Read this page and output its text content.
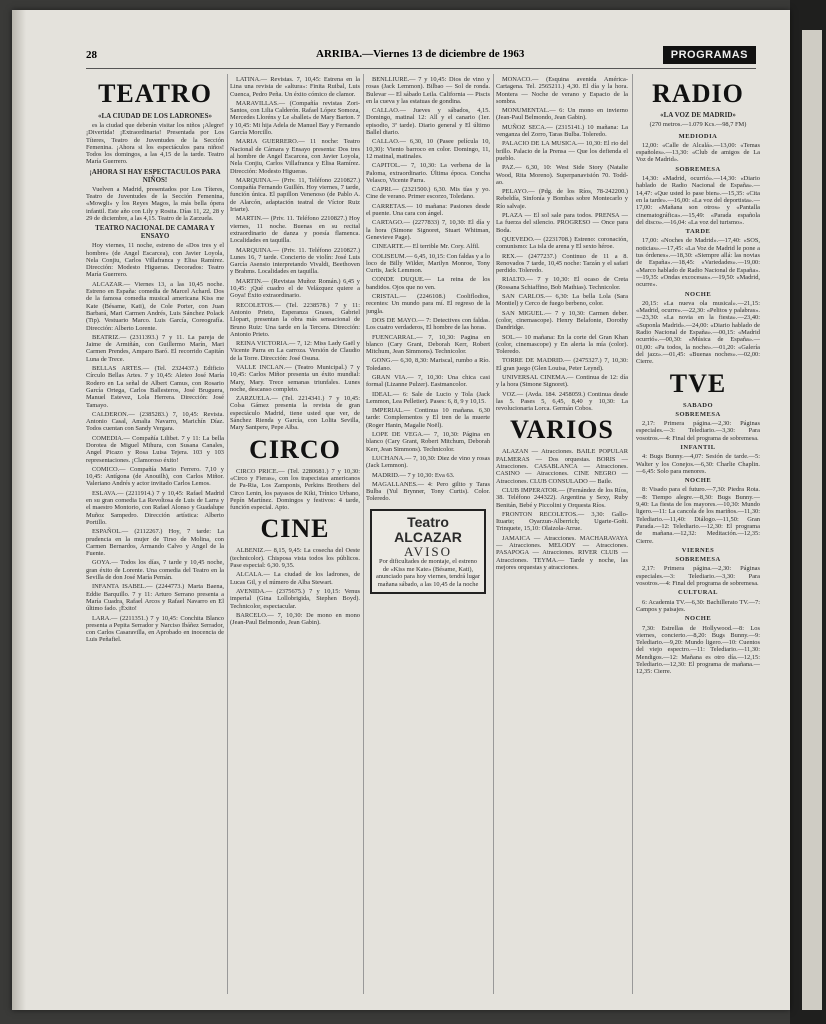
28	ARRIBA.—Viernes 13 de diciembre de 1963	PROGRAMAS
TEATRO

«LA CIUDAD DE LOS LADRONES»

es la ciudad que deberán visitar los niños ¡Alegre! ¡Divertida! ¡Extraordinaria! Presentada por Los Títeres, Teatro de Juventudes de la Sección Femenina. ¡Ahora si los espectáculos para niños! Todos los domingos, a las 4,15 de la tarde. Teatro María Guerrero.

¡AHORA SI HAY ESPECTACULOS PARA NIÑOS!

Vuelven a Madrid, presentados por Los Títeres, Teatro de Juventudes de la Sección Femenina, «Mowgli» y los Reyes Magos, la más bella ópera infantil. Este año con Lily y Rosita. Días 11, 22, 28 y 29 de diciembre, a las 4,15. Teatro de la Zarzuela.

TEATRO NACIONAL DE CAMARA Y ENSAYO

Hoy viernes, 11 noche, estreno de «Dos tres y el hombre» (de Angel Escarcea), con Javier Loyola, Nela Conjiu, Carlos Villafranca y Elisa Ramírez. Dirección: Modesto Higueras. Decorados: Teatro María Guerrero.

ALCAZAR.— Viernes 13, a las 10,45 noche. Estreno en España: comedia de Marcel Achard. Dos de la famosa comedia musical americana Kiss me Kate (Bésame, Kati), de Cole Porter, con Juan Barbará, Mari Carmen Andrés, Luis Sánchez Polack (Tip). Vestuario Marco. Luis García, Coreografía. Dirección: Alberto Lorente.

BEATRIZ.— (2311393.) 7 y 11. La pareja de Jaime de Armiñán, con Guillermo Marín, Mari Carmen Prendes, Amparo Baró. El recorrido Capitán Luna de Trece.

BELLAS ARTES.— (Tel. 2324437.) Edificio Círculo Bellas Artes. 7 y 10,45: Aleteo José María Rodero en La señal de Albert Camus, con Rosario García Ortega, Carlos Ballesteros, José Bruguera, Manuel Estevez, Lola Herrera. Dirección: José Tamayo.

CALDERON.— (2385283.) 7, 10,45: Revista. Antonio Casal, Amalia Navarro, Marichín Díaz. Todos cuentan con Sandy Vergara.

COMEDIA.— Compañía Lilibet. 7 y 11: La bella Dorotea de Miguel Mihura, con Susana Canales, Angel Picazo y Rosa Luisa Tejera. 103 y 103 representaciones. ¡Clamoroso éxito!

COMICO.— Compañía Mario Ferrero. 7,10 y 10,45: Antígona (de Anouilh), con Carlos Miñor. Valeriano Andrés y actor invitado Carlos Lemos.

ESLAVA.— (2211914.) 7 y 10,45: Rafael Madrid en su gran comedia La Revoltosa de Luis de Larra y el maestro Montorio, con Rafael Alonso y Guadalupe Muñoz Sampedro. Dirección artística: Alberto Portillo.

ESPAÑOL.— (2112267.) Hoy, 7 tarde: La prudencia en la mujer de Tirso de Molina, con Carmen Bernardos, Armando Calvo y Angel de la Fuente.

GOYA.— Todos los días, 7 tarde y 10,45 noche, gran éxito de Lorente. Una comedia del Teatro en la Sevilla de don José María Pemán.

INFANTA ISABEL.— (2244773.) Marta Baena, Eddie Barquillo. 7 y 11: Arturo Serrano presenta a María Cuadra, Rafael Arcos y Rafael Navarro en El último fado. ¡Éxito!

LARA.— (2211351.) 7 y 10,45: Conchita Blanco presenta a Pepita Serrador y Narciso Ibáñez Serrador, con Carlos Casaravilla, en Aprobado en inocencia de Luis Peñafiel.

LATINA.— Revistas. 7, 10,45: Estrena en la Lina una revista de «altura»: Finita Ruibal, Luis Cuenca, Pedro Peña. Un éxito cómico de clamor.

MARAVILLAS.— (Compañía revistas Zori-Santos, con Lilia Calderón. Rafael López Somoza, Mercedes Lloréns y Le «ballet» de Mary Barton. 7 y 10,45: Mi hija Adela de Manuel Bay y Fernando García Morcillo.

MARIA GUERRERO.— 11 noche: Teatro Nacional de Cámara y Ensayo presenta: Dos tres al hombre de Angel Escarcea, con Javier Loyola, Nela Conjiu, Carlos Villafranca y Elisa Ramírez. Dirección: Modesto Higueras.

MARQUINA.— (Priv. 11, Teléfono 2210827.) Compañía Fernando Guillén. Hoy viernes, 7 tarde, función única. El papillon Venenoso (de Pablo A. de Alarcón, adaptación teatral de Víctor Ruiz Iriarte).

MARTIN.— (Priv. 11. Teléfono 2210827.) Hoy viernes, 11 noche. Buenas en su recital extraordinario de danza y poesía flamenca. Localidades en taquilla.

MARQUINA.— (Priv. 11. Teléfono 2210827.) Lunes 16, 7 tarde. Concierto de violín: José Luis García Asensio interpretando Vivaldi, Beethoven y Brahms. Localidades en taquilla.

MARTIN.— (Revistas Muñoz Román.) 6,45 y 10,45: ¡Qué cuadro el de Velázquez quiere a Goya! Éxito extraordinario.

RECOLETOS.— (Tel. 2238578.) 7 y 11: Antonio Prieto, Esperanza Grases, Gabriel Llopart, presentan la obra más sensacional de Bruno Ruiz: Una tarde en la Tercera. Dirección: Antonio Prieto.

REINA VICTORIA.— 7, 12: Miss Lady Gaël y Vicente Parra en La carroza. Versión de Claudio de la Torre. Dirección: José Osuna.

VALLE INCLAN.— (Teatro Municipal.) 7 y 10,45: Carlos Miñor presenta un éxito mundial: Mary, Mary. Trece semanas triunfales. Lunes noche, descanso completo.

ZARZUELA.— (Tel. 2214341.) 7 y 10,45: Colsa Gámez presenta la revista de gran espectáculo Madrid, tiene usted que ver, de Sánchez Rienda y García, con Lolita Sevilla, Mary Santpere, Pepe Alba.

CIRCO

CIRCO PRICE.— (Tel. 2280681.) 7 y 10,30: «Circo y Fieras», con los trapecistas americanos de Pa-Ria, Los Zamponis, Perkins Brothers del Circo Lenin, los payasos de Kiki, Trínico Urbano, Pepín Martínez. Domingos y festivos: 4 tarde, función especial. Apto.

CINE

ALBENIZ.— 8,15, 9,45: La cosecha del Oeste (technicolor). Chisposa vista todos los públicos. Pase especial: 6,30. 9,35.

ALCALA.— La ciudad de los ladrones, de Lucas Gil, y el número de Alba Stewart.

AVENIDA.— (2375675.) 7 y 10,15: Venus imperial (Gina Lollobrigida, Stephen Boyd). Technicolor, espectacular.

BARCELO.— 7, 10,30: De mono en mono (Jean-Paul Belmondo, Jean Gabin).

BENLLIURE.— 7 y 10,45: Dios de vino y rosas (Jack Lemmon). Bilbao — Sol de ronda. Bulevar — El sábado Leila. California — Piscis en la cueva y las estatuas de gondina.

CALLAO.— Jueves y sábados, 4,15. Domingo, matinal 12: All y el canario (1er. episodio, 3ª tarde). Diario general y El último Ballel diario.

CALLAO.— 6,30, 10 (Pasee película 10, 10,30): Viento barroco en color. Domingo, 11, 12 matinal, matinales.

CAPITOL.— 7, 10,30: La verbena de la Paloma, extraordinario. Última época. Concha Velasco, Vicente Parra.

CAPRI.— (2321500.) 6,30. Mis tías y yo. Cine de verano. Primer escorzo, Toledano.

CARRETAS.— 10 mañana: Pasiones desde el puente. Una cara con ángel.

CARTAGO.— (2277833) 7, 10,30: El día y la hora (Simone Signoret, Stuart Whitman, Genevieve Page).

CINEARTE.— El terrible Mr. Cory. Alfil.

COLISEUM.— 6,45, 10,15: Con faldas y a lo loco de Billy Wilder, Marilyn Monroe, Tony Curtis, Jack Lemmon.

CONDE DUQUE.— La reina de los bandidos. Ojos que no ven.

CRISTAL.— (2246108.) Cooliflodios, recentes: Un mundo para mí. El regreso de la jungla.

DOS DE MAYO.— 7: Detectives con faldas. Los cuatro verdaderos, El hombre de las horas.

FUENCARRAL.— 7, 10,30: Pagina en blanco (Cary Grant, Deborah Kerr, Robert Mitchum, Jean Simmons). Technicolor.

GONG.— 6,30, 8,30: Mariscal, rumbo a Río. Toledano.

GRAN VIA.— 7, 10,30: Una chica casi formal (Lizanne Pulzer). Eastmancolor.

IDEAL.— 6: Sale de Lucio y Tola (Jack Lemmon, Lea Pelletier). Pases: 6, 8, 9 y 10,15.

IMPERIAL.— Continua 10 mañana. 6,30 tarde: Complementos y El tren de la muerte (Roger Hanin, Magalie Noël).

LOPE DE VEGA.— 7, 10,30: Página en blanco (Cary Grant, Robert Mitchum, Deborah Kerr, Jean Simmons). Technicolor.

LUCHANA.— 7, 10,30: Diez de vino y rosas (Jack Lemmon).

MADRID.— 7 y 10,30: Eva 63.

MAGALLANES.— 4: Pero gilito y Taras Bulba (Yul Brynner, Tony Curtis). Color. Toleredo.

Teatro ALCAZAR
AVISO
Por dificultades de montaje, el estreno de «Kiss me Kate» (Bésame, Kati), anunciado para hoy viernes, tendrá lugar mañana sábado, a las 10,45 de la noche

MONACO.— (Esquina avenida América-Cartagena. Tel. 2565211.) 4,30. El día y la hora. Montera — Noche de verano y Espacio de la sombra.

MONUMENTAL.— 6: Un mono en invierno (Jean-Paul Belmondo, Jean Gabin).

MUÑOZ SECA.— (2315141.) 10 mañana: La venganza del Zorro, Taras Bulba. Toleredo.

PALACIO DE LA MUSICA.— 10,30: El rio del brillo. Palacio de la Prensa — Que los defienda el pueblo.

PAZ.— 6,30, 10: West Side Story (Natalie Wood, Rita Moreno). Superpanavisión 70. Todd-ao.

PELAYO.— (Pdg. de los Ríos, 78-242200.) Rebeldía, Sinfonía y Bombas sobre Montecarlo y Río salvaje.

PLAZA — El sol sale para todos. PRENSA — La fuerza del silencio. PROGRESO — Once para Boda.

QUEVEDO.— (2231708.) Estreno: coronación, comunismo: La isla de arena y El sexto héroe.

REX.— (2477237.) Continuo de 11 a 8. Renovados 7 tarde, 10,45 noche: Tarzán y el safari perdido. Toleredo.

RIALTO.— 7 y 10,30: El ocaso de Creta (Rossana Schiaffino, Bob Mathias). Technicolor.

SAN CARLOS.— 6,30: La bella Lola (Sara Montiel) y Cerco de fuego berbeno, color.

SAN MIGUEL.— 7 y 10,30: Carmen deber. (color, cinemascope). Henry Belafonte, Dorothy Dandridge.

SOL.— 10 mañana: En la corte del Gran Khan (color, cinemascope) y En alerta la mía (color). Toleredo.

TORRE DE MADRID.— (2475327.) 7, 10,30: El gran juego (Glen Louisa, Peter Leynd).

UNIVERSAL CINEMA.— Continua de 12: día y la hora (Simone Signoret).

VOZ.— (Avda. 184. 2458059.) Continua desde las 5. Pases 5, 6,45, 8,40 y 10,30: La revolucionaria Lorca. Germán Cobos.

VARIOS

ALAZAN — Atracciones. BAILE POPULAR PALMERAS — Dos orquestas. BORIS — Atracciones. CASABLANCA — Atracciones. CASINO — Atracciones. CINE NEGRO — Atracciones. CLUB CONSULADO — Baile.

CLUB IMPERATOR.— (Fernández de los Ríos, 38. Teléfono 244322). Argentina y Sexy, Ruby Benitán, Bebé y Piccolini y Orquesta Ríos.

FRONTON RECOLETOS.— 3,30: Gallo-Ituarte; Oyarzun-Alberrich; Ugarte-Goñi. Trinquete, 15,10: Olaizola-Arrue.

JAMAICA — Atracciones. MACHARAVAYA — Atracciones. MELODY — Atracciones. PASAPOGA — Atracciones. RIVER CLUB — Atracciones. TEYMA.— Tarde y noche, las mejores orquestas y atracciones.

RADIO
«LA VOZ DE MADRID»
(270 metros.—1.079 Kcs.—98,7 FM)

MEDIODIA

12,00: «Calle de Alcalá».—13,00: «Temas españoles».—13,30: «Club de amigos de La Voz de Madrid».

SOBREMESA

14,30: «Madrid, ocurrió».—14,30: «Diario hablado de Radio Nacional de España».—14,47: «Que usted lo pase bien».—15,35: «Cita en la tarde».—16,00: «La voz del deportista».—17,00: «Mañana son otros» y «Pantalla cinematográfica».—15,49: «Parada española del disco».—16,04: «La voz del turismo».

TARDE

17,00: «Noches de Madrid».—17,40: «SOS, noticias».—17,45: «La Voz de Madrid le pone a tus órdenes».—18,30: «Siempre allá: las novias de España».—18,45: «Variedades».—19,00: «Marco hablado de Radio Nacional de España».—19,35: «Ondas excocesas».—19,50: «Madrid, ocurre».

NOCHE

20,15: «La nueva ola musical».—21,15: «Madrid, ocurre».—22,30: «Pelitos y palabras».—23,30: «La novia en la fiesta».—23,40: «Suponla Madrid».—24,00: «Diario hablado de Radio Nacional de España».—00,15: «Madrid ocurrió».—00,30: «Música de España».—01,00: «Pa todos, la noche».—01,20: «Galería del jazz».—01,45: «Buenas noches».—02,00: Cierre.

TVE

SABADO

SOBREMESA

2,17: Primera página.—2,30: Páginas especiales.—3: Telediario.—3,30: Para vosotros.—4: Final del programa de sobremesa.

INFANTIL

4: Bugs Bunny.—4,07: Sesión de tarde.—5: Walter y los Conejos.—6,30: Charlie Chaplin.—6,45: Solo para menores.

NOCHE

8: Visado para el futuro.—7,30: Piedra Rota.—8: Tiempo alegre.—8,30: Bugs Bunny.—9,40: La fiesta de los mayores.—10,30: Mundo ligero.—11: La cancola de los mariños.—11,30: Telediario.—11,40: Diálogo.—11,50: Gran Parada.—12: Telediario.—12,30: El programa de mañana.—12,32: Meditación.—12,35: Cierre.

VIERNES

SOBREMESA

2,17: Primera página.—2,30: Páginas especiales.—3: Telediario.—3,30: Para vosotros.—4: Final del programa de sobremesa.

CULTURAL

6: Academia TV.—6,30: Bachillerato TV.—7: Campos y paisajes.

NOCHE

7,30: Estrellas de Hollywood.—8: Los viernes, concierto.—8,20: Bugs Bunny.—9: Telediario.—9,20: Mundo ligero.—10: Cuentos del viejo espectro.—11: Telediario.—11,30: Mendigos.—12: Mañana es otro día.—12,15: Telediario.—12,30: El programa de mañana.—12,35: Cierre.
